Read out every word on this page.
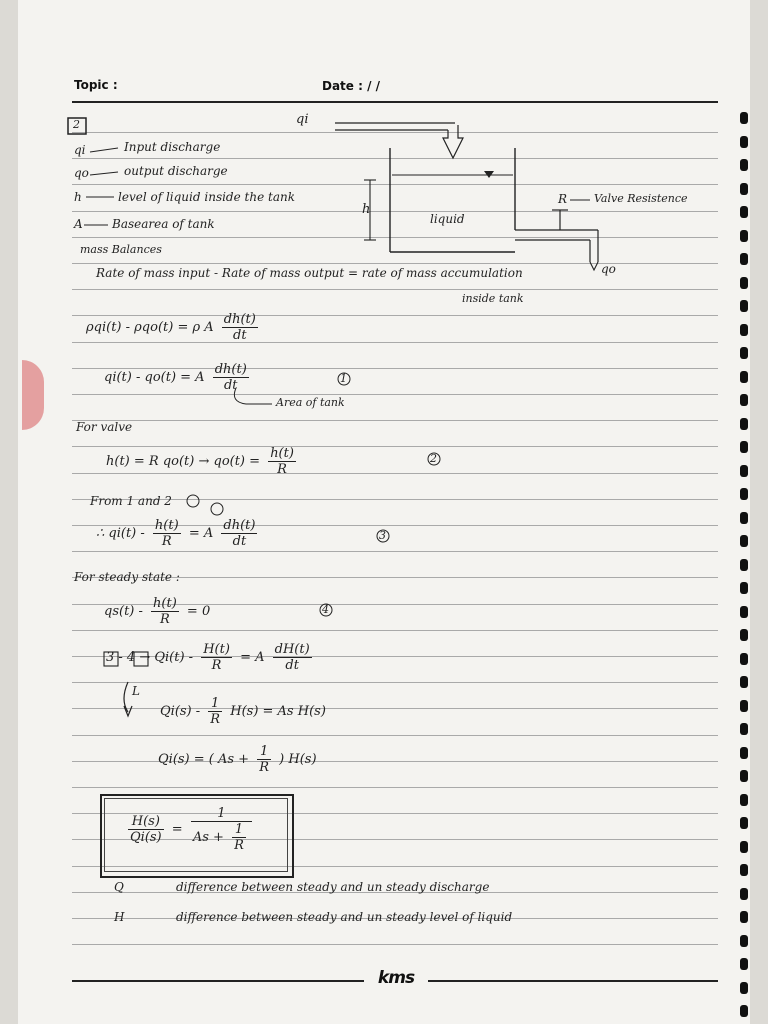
Topic :	Date : / /
kms
2	qi
liquid
h
qo
R Valve Resistence
qi	Input discharge
qo	output discharge
h	level of liquid inside the tank
A Basearea of tank
mass Balances
Rate of mass input - Rate of mass output = rate of mass accumulation
inside tank
ρqi(t) - ρqo(t) = ρ A $\frac{dh(t)}{dt}$
qi(t) - qo(t) = A $\frac{dh(t)}{dt}$	1
Area of tank
For valve
h(t) = R $qo(t) \to qo(t) = \frac{h(t)}{R}$	2
From 1 and 2
∴ $qi(t) - \frac{h(t)}{R} = A \frac{dh(t)}{dt}$	3
For steady state :
$qs(t) - \frac{h(t)}{R} = 0$	4
$3 - 4 \to Qi(t) - \frac{H(t)}{R} = A \frac{dH(t)}{dt}$
L
$Qi(s) - \frac{1}{R} H(s) = As$ H(s)
Qi(s) = ( $As + \frac{1}{R}$ ) H(s)
$\frac{H(s)}{Qi(s)} = \frac{1}{As + \frac{1}{R}}$
Q	difference between steady and un steady discharge
H	difference between steady and un steady level of liquid
